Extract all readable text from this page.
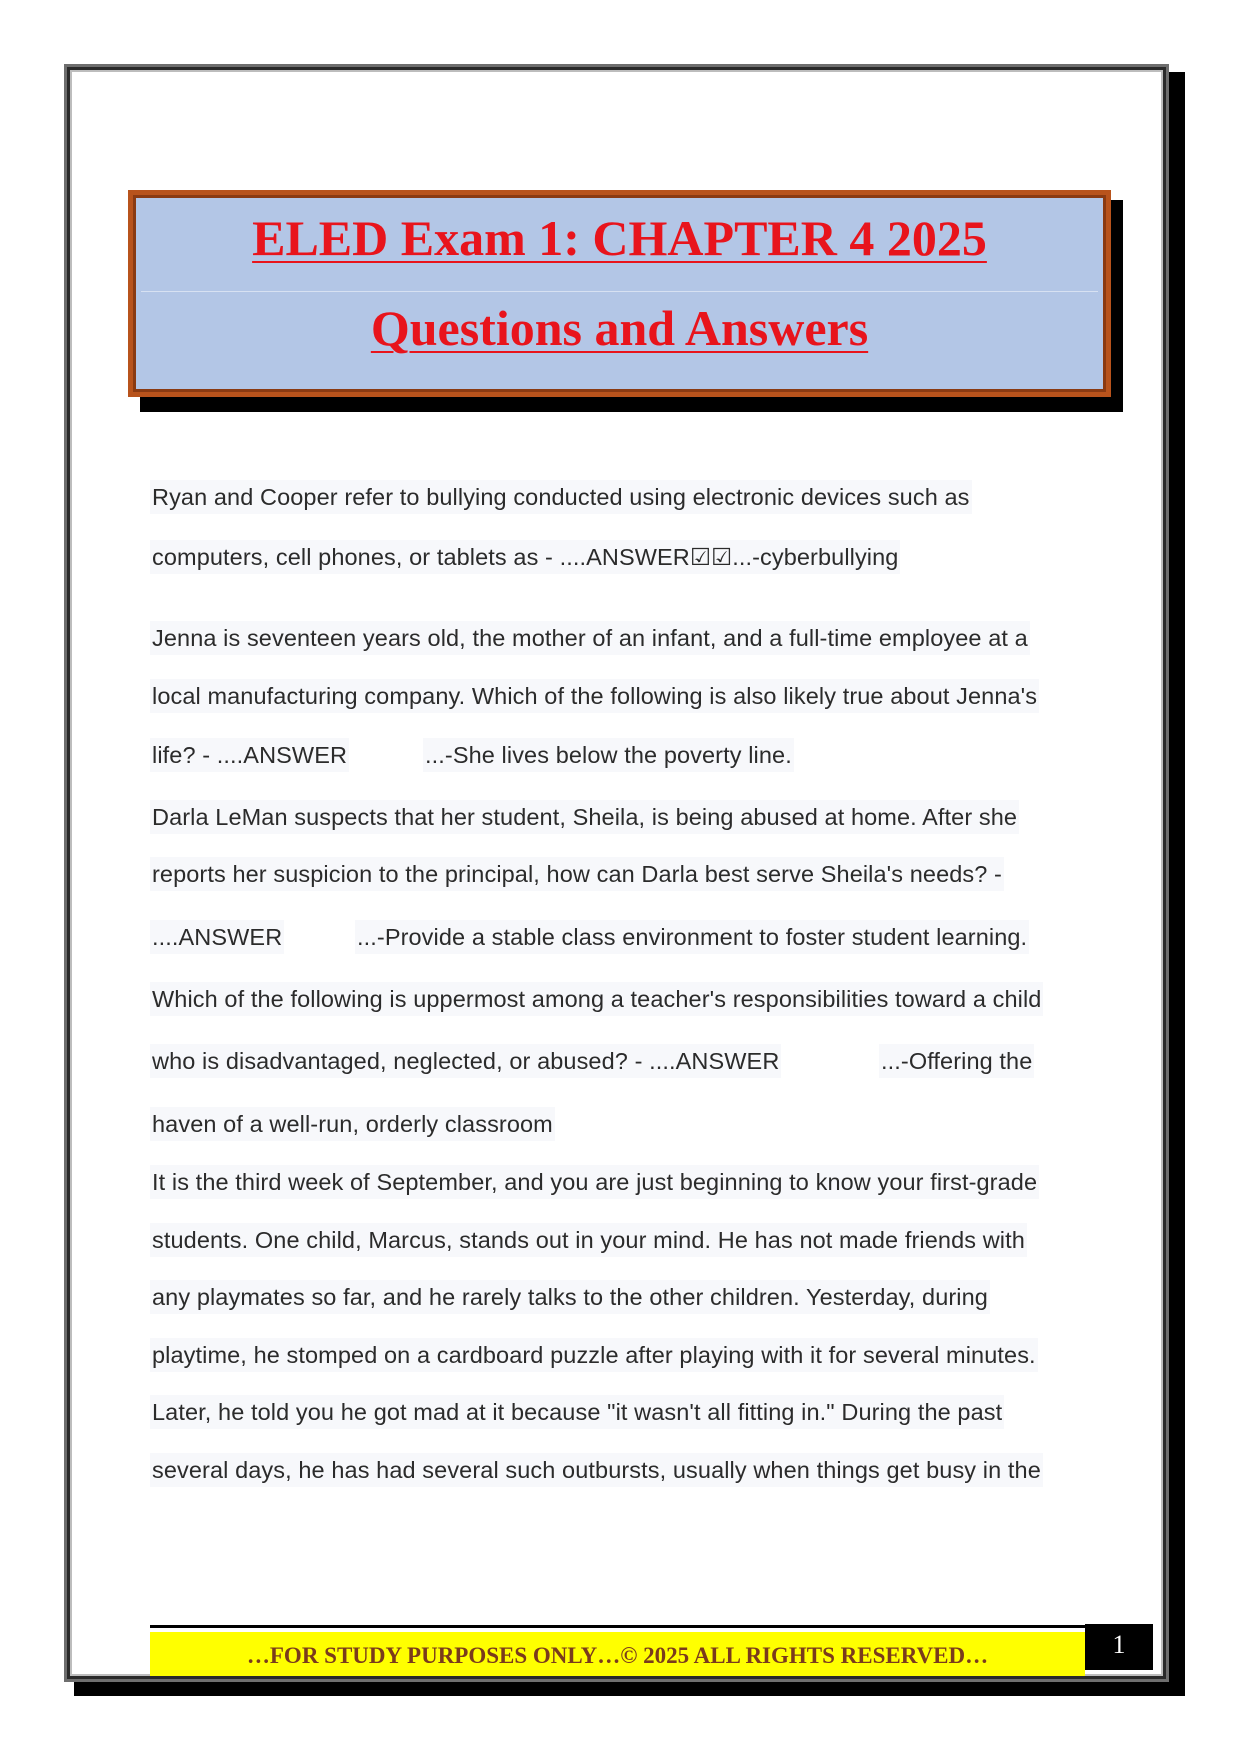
ELED Exam 1: CHAPTER 4 2025
Questions and Answers
Ryan and Cooper refer to bullying conducted using electronic devices such as
computers, cell phones, or tablets as - ....ANSWER☑☑...-cyberbullying
Jenna is seventeen years old, the mother of an infant, and a full-time employee at a
local manufacturing company. Which of the following is also likely true about Jenna's
life? - ....ANSWER	...-She lives below the poverty line.
Darla LeMan suspects that her student, Sheila, is being abused at home. After she
reports her suspicion to the principal, how can Darla best serve Sheila's needs? -
....ANSWER	...-Provide a stable class environment to foster student learning.
Which of the following is uppermost among a teacher's responsibilities toward a child
who is disadvantaged, neglected, or abused? - ....ANSWER	...-Offering the
haven of a well-run, orderly classroom
It is the third week of September, and you are just beginning to know your first-grade
students. One child, Marcus, stands out in your mind. He has not made friends with
any playmates so far, and he rarely talks to the other children. Yesterday, during
playtime, he stomped on a cardboard puzzle after playing with it for several minutes.
Later, he told you he got mad at it because "it wasn't all fitting in." During the past
several days, he has had several such outbursts, usually when things get busy in the
…FOR STUDY PURPOSES ONLY…© 2025 ALL RIGHTS RESERVED…	1
